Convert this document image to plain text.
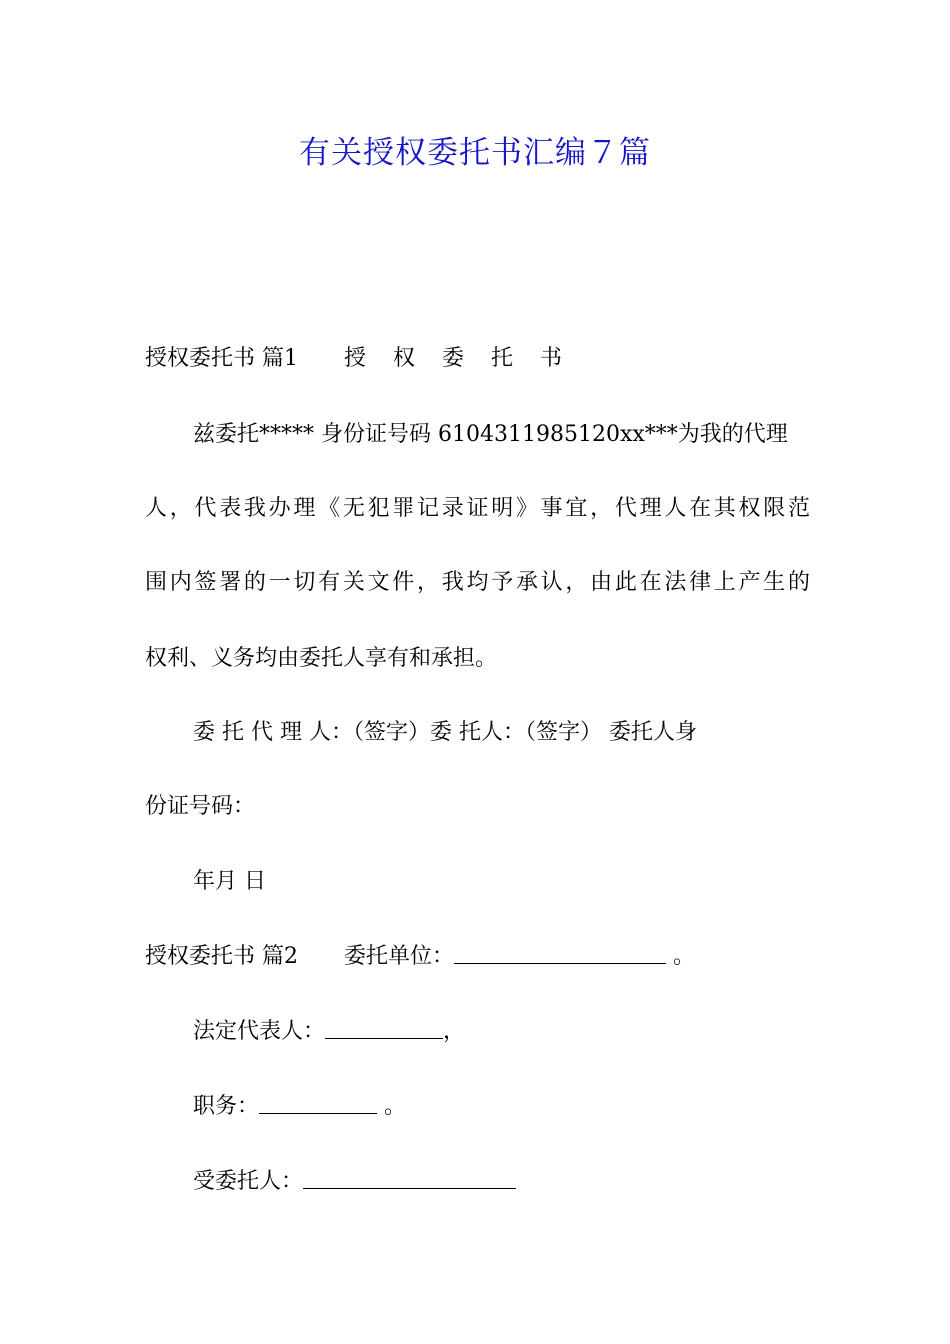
有关授权委托书汇编７篇
授权委托书 篇1 授 权 委 托 书
兹委托***** 身份证号码 6104311985120xx***为我的代理
人，代表我办理《无犯罪记录证明》事宜，代理人在其权限范
围内签署的一切有关文件，我均予承认，由此在法律上产生的
权利、义务均由委托人享有和承担。
委 托 代 理 人：（签字）委 托人：（签字） 委托人身
份证号码：
年月 日
授权委托书 篇2 委托单位：	。
法定代表人：	，
职务：	。
受委托人：
